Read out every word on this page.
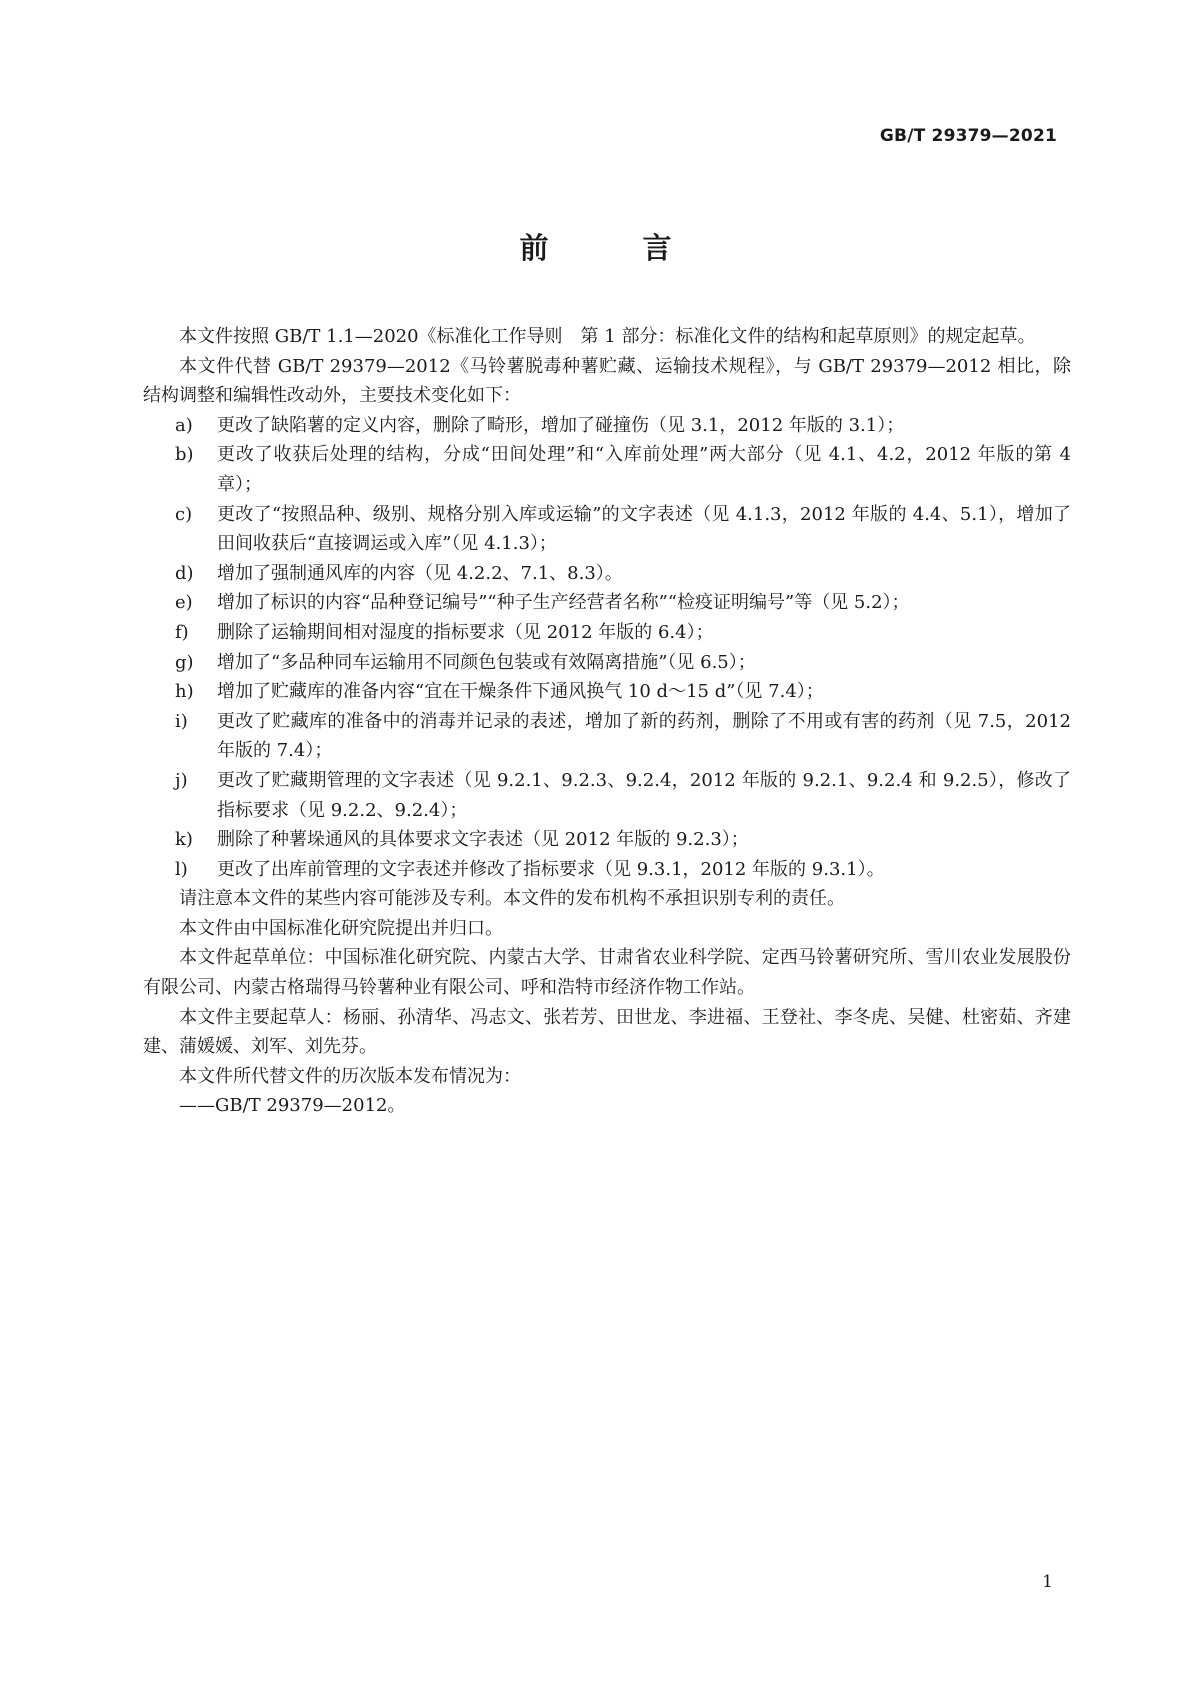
GB/T 29379—2021
前 言

本文件按照 GB/T 1.1—2020《标准化工作导则　第 1 部分：标准化文件的结构和起草原则》的规定起草。

本文件代替 GB/T 29379—2012《马铃薯脱毒种薯贮藏、运输技术规程》，与 GB/T 29379—2012 相比，除结构调整和编辑性改动外，主要技术变化如下：

a) 更改了缺陷薯的定义内容，删除了畸形，增加了碰撞伤（见 3.1，2012 年版的 3.1）；
b) 更改了收获后处理的结构，分成“田间处理”和“入库前处理”两大部分（见 4.1、4.2，2012 年版的第 4 章）；
c) 更改了“按照品种、级别、规格分别入库或运输”的文字表述（见 4.1.3，2012 年版的 4.4、5.1），增加了田间收获后“直接调运或入库”（见 4.1.3）；
d) 增加了强制通风库的内容（见 4.2.2、7.1、8.3）。
e) 增加了标识的内容“品种登记编号”“种子生产经营者名称”“检疫证明编号”等（见 5.2）；
f) 删除了运输期间相对湿度的指标要求（见 2012 年版的 6.4）；
g) 增加了“多品种同车运输用不同颜色包装或有效隔离措施”（见 6.5）；
h) 增加了贮藏库的准备内容“宜在干燥条件下通风换气 10 d～15 d”（见 7.4）；
i) 更改了贮藏库的准备中的消毒并记录的表述，增加了新的药剂，删除了不用或有害的药剂（见 7.5，2012 年版的 7.4）；
j) 更改了贮藏期管理的文字表述（见 9.2.1、9.2.3、9.2.4，2012 年版的 9.2.1、9.2.4 和 9.2.5），修改了指标要求（见 9.2.2、9.2.4）；
k) 删除了种薯垛通风的具体要求文字表述（见 2012 年版的 9.2.3）；
l) 更改了出库前管理的文字表述并修改了指标要求（见 9.3.1，2012 年版的 9.3.1）。

请注意本文件的某些内容可能涉及专利。本文件的发布机构不承担识别专利的责任。

本文件由中国标准化研究院提出并归口。

本文件起草单位：中国标准化研究院、内蒙古大学、甘肃省农业科学院、定西马铃薯研究所、雪川农业发展股份有限公司、内蒙古格瑞得马铃薯种业有限公司、呼和浩特市经济作物工作站。

本文件主要起草人：杨丽、孙清华、冯志文、张若芳、田世龙、李进福、王登社、李冬虎、吴健、杜密茹、齐建建、蒲媛媛、刘军、刘先芬。

本文件所代替文件的历次版本发布情况为：

——GB/T 29379—2012。

1
